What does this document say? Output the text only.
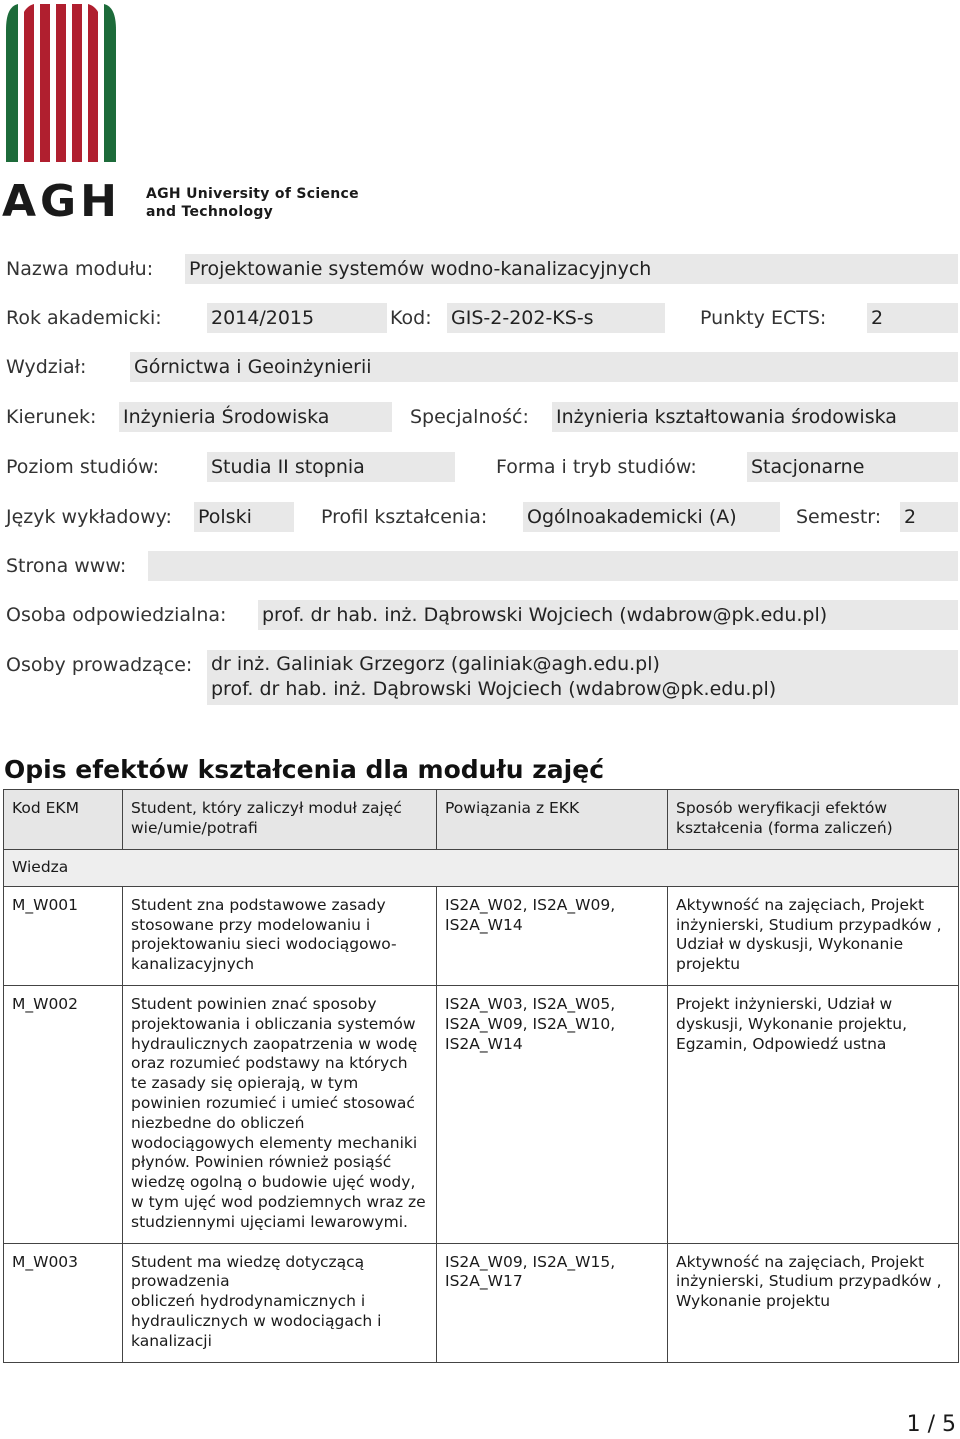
AGH AGH University of Science
and Technology
Nazwa modułu: Projektowanie systemów wodno-kanalizacyjnych
Rok akademicki:	2014/2015	Kod: GIS-2-202-KS-s	Punkty ECTS: 2
Wydział:	Górnictwa i Geoinżynierii
Kierunek: Inżynieria Środowiska	Specjalność: Inżynieria kształtowania środowiska
Poziom studiów:	Studia II stopnia	Forma i tryb studiów:	Stacjonarne
Język wykładowy: Polski	Profil kształcenia: Ogólnoakademicki (A)	Semestr: 2
Strona www:
Osoba odpowiedzialna: prof. dr hab. inż. Dąbrowski Wojciech (wdabrow@pk.edu.pl)
Osoby prowadzące: dr inż. Galiniak Grzegorz (galiniak@agh.edu.pl)
prof. dr hab. inż. Dąbrowski Wojciech (wdabrow@pk.edu.pl)
Opis efektów kształcenia dla modułu zajęć
Kod EKM	Student, który zaliczył moduł zajęć wie/umie/potrafi	Powiązania z EKK	Sposób weryfikacji efektów kształcenia (forma zaliczeń)
Wiedza			
M_W001	Student zna podstawowe zasady stosowane przy modelowaniu i projektowaniu sieci wodociągowo-kanalizacyjnych	IS2A_W02, IS2A_W09, IS2A_W14	Aktywność na zajęciach, Projekt inżynierski, Studium przypadków , Udział w dyskusji, Wykonanie projektu
M_W002	Student powinien znać sposoby projektowania i obliczania systemów hydraulicznych zaopatrzenia w wodę oraz rozumieć podstawy na których te zasady się opierają, w tym powinien rozumieć i umieć stosować niezbedne do obliczeń wodociągowych elementy mechaniki płynów. Powinien również posiąść wiedzę ogolną o budowie ujęć wody, w tym ujęć wod podziemnych wraz ze studziennymi ujęciami lewarowymi.	IS2A_W03, IS2A_W05, IS2A_W09, IS2A_W10, IS2A_W14	Projekt inżynierski, Udział w dyskusji, Wykonanie projektu, Egzamin, Odpowiedź ustna
M_W003	Student ma wiedzę dotyczącą prowadzenia
obliczeń hydrodynamicznych i hydraulicznych w wodociągach i kanalizacji	IS2A_W09, IS2A_W15, IS2A_W17	Aktywność na zajęciach, Projekt inżynierski, Studium przypadków , Wykonanie projektu
1 / 5
